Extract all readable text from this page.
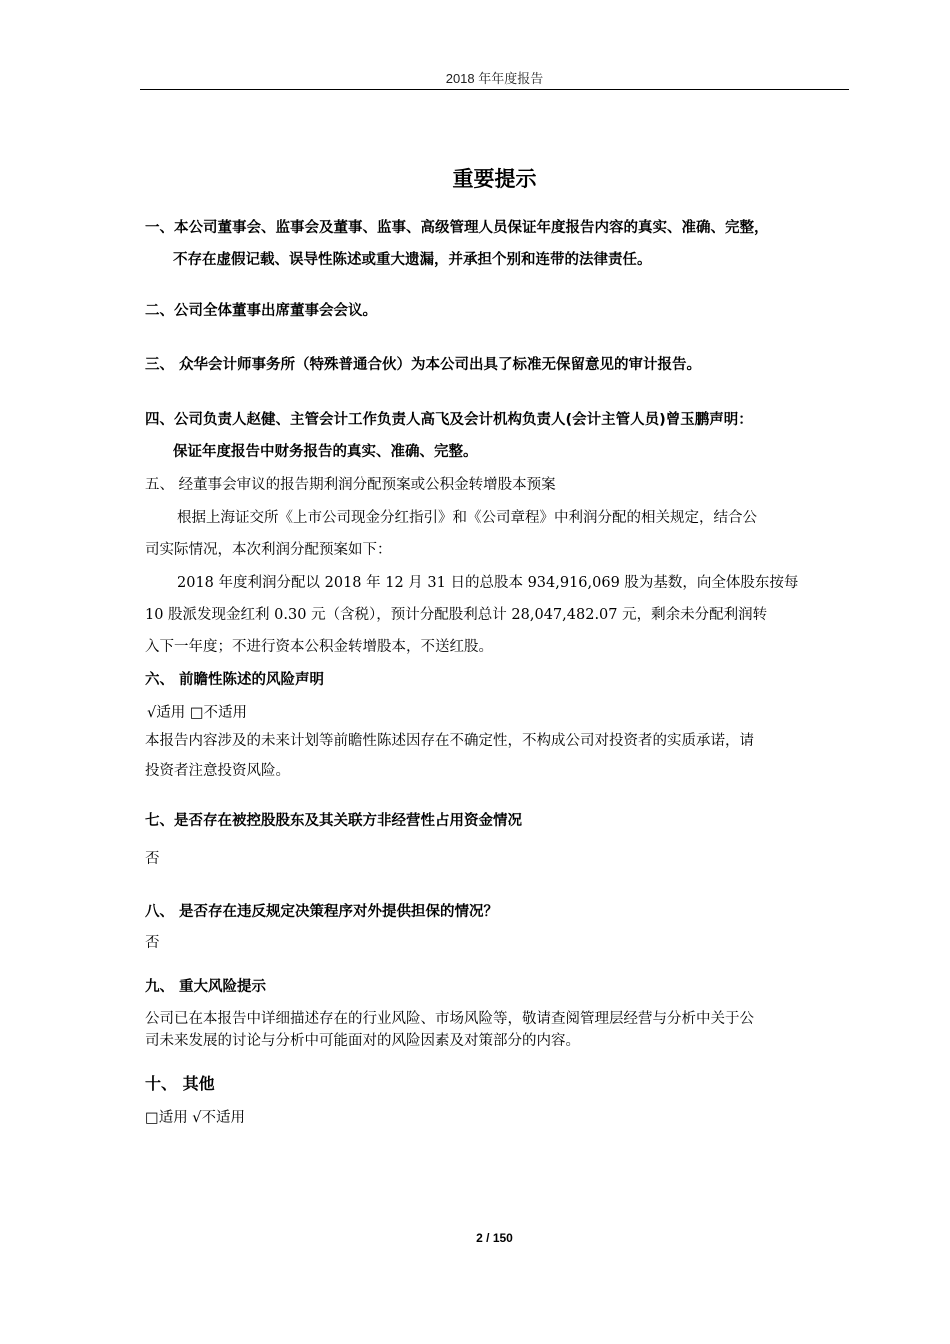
2018 年年度报告
重要提示
一、本公司董事会、监事会及董事、监事、高级管理人员保证年度报告内容的真实、准确、完整，
不存在虚假记载、误导性陈述或重大遗漏，并承担个别和连带的法律责任。
二、公司全体董事出席董事会会议。
三、 众华会计师事务所（特殊普通合伙）为本公司出具了标准无保留意见的审计报告。
四、公司负责人赵健、主管会计工作负责人高飞及会计机构负责人(会计主管人员)曾玉鹏声明：
保证年度报告中财务报告的真实、准确、完整。
五、 经董事会审议的报告期利润分配预案或公积金转增股本预案
根据上海证交所《上市公司现金分红指引》和《公司章程》中利润分配的相关规定，结合公
司实际情况，本次利润分配预案如下：
2018 年度利润分配以 2018 年 12 月 31 日的总股本 934,916,069 股为基数，向全体股东按每
10 股派发现金红利 0.30 元（含税），预计分配股利总计 28,047,482.07 元，剩余未分配利润转
入下一年度；不进行资本公积金转增股本，不送红股。
六、 前瞻性陈述的风险声明
√适用 □不适用
本报告内容涉及的未来计划等前瞻性陈述因存在不确定性，不构成公司对投资者的实质承诺，请
投资者注意投资风险。
七、是否存在被控股股东及其关联方非经营性占用资金情况
否
八、 是否存在违反规定决策程序对外提供担保的情况？
否
九、 重大风险提示
公司已在本报告中详细描述存在的行业风险、市场风险等，敬请查阅管理层经营与分析中关于公
司未来发展的讨论与分析中可能面对的风险因素及对策部分的内容。
十、 其他
□适用 √不适用
2 / 150
